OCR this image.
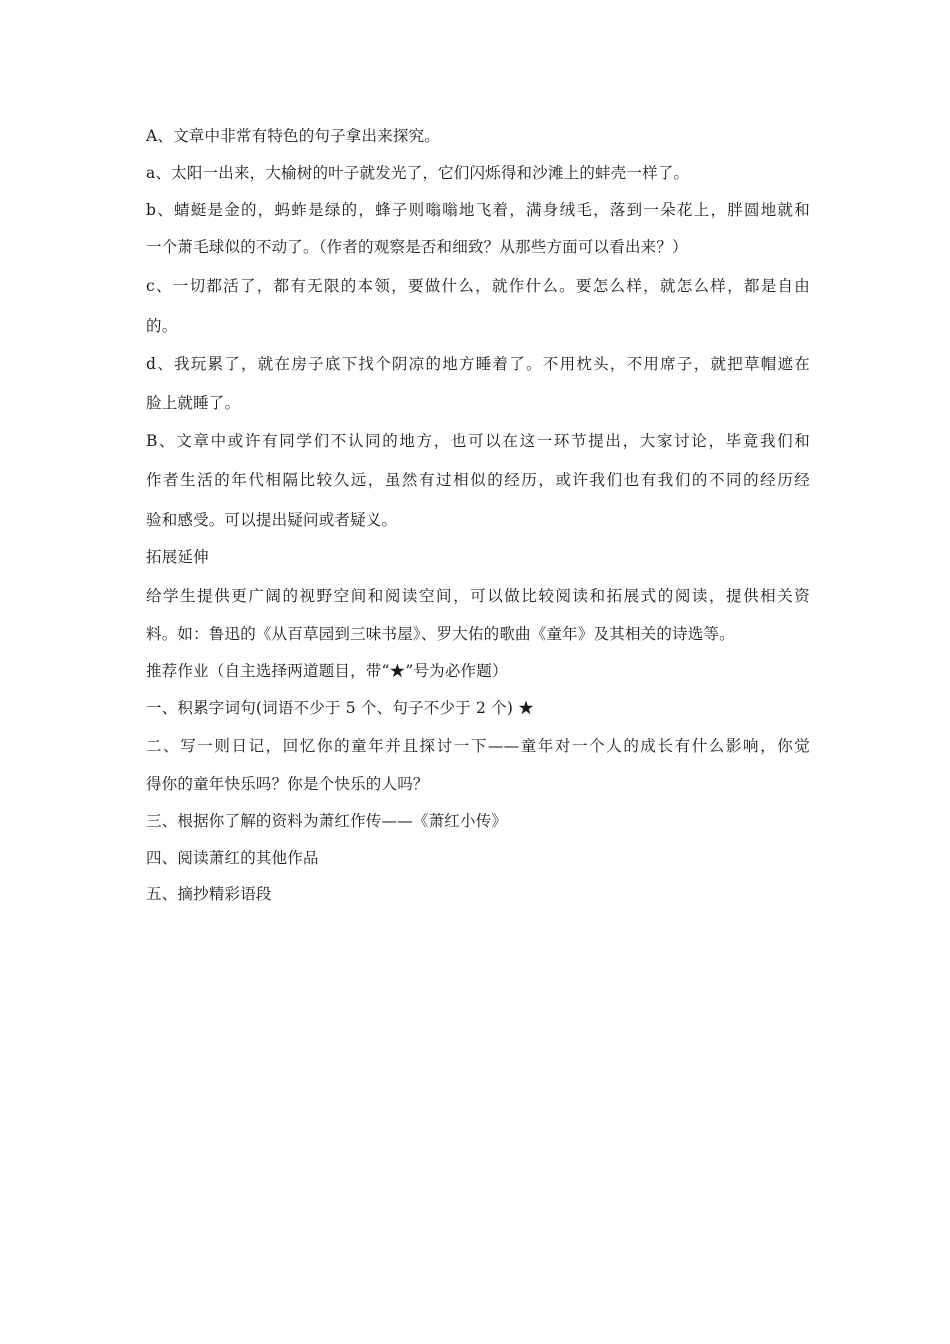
A、文章中非常有特色的句子拿出来探究。
a、太阳一出来，大榆树的叶子就发光了，它们闪烁得和沙滩上的蚌壳一样了。
b、蜻蜓是金的，蚂蚱是绿的，蜂子则嗡嗡地飞着，满身绒毛，落到一朵花上，胖圆地就和
一个萧毛球似的不动了。（作者的观察是否和细致？从那些方面可以看出来？）
c、一切都活了，都有无限的本领，要做什么，就作什么。要怎么样，就怎么样，都是自由
的。
d、我玩累了，就在房子底下找个阴凉的地方睡着了。不用枕头，不用席子，就把草帽遮在
脸上就睡了。
B、文章中或许有同学们不认同的地方，也可以在这一环节提出，大家讨论，毕竟我们和
作者生活的年代相隔比较久远，虽然有过相似的经历，或许我们也有我们的不同的经历经
验和感受。可以提出疑问或者疑义。
拓展延伸
给学生提供更广阔的视野空间和阅读空间，可以做比较阅读和拓展式的阅读，提供相关资
料。如：鲁迅的《从百草园到三味书屋》、罗大佑的歌曲《童年》及其相关的诗选等。
推荐作业（自主选择两道题目，带“★”号为必作题）
一、积累字词句(词语不少于 5 个、句子不少于 2 个) ★
二、写一则日记，回忆你的童年并且探讨一下——童年对一个人的成长有什么影响，你觉
得你的童年快乐吗？你是个快乐的人吗？
三、根据你了解的资料为萧红作传——《萧红小传》
四、阅读萧红的其他作品
五、摘抄精彩语段
